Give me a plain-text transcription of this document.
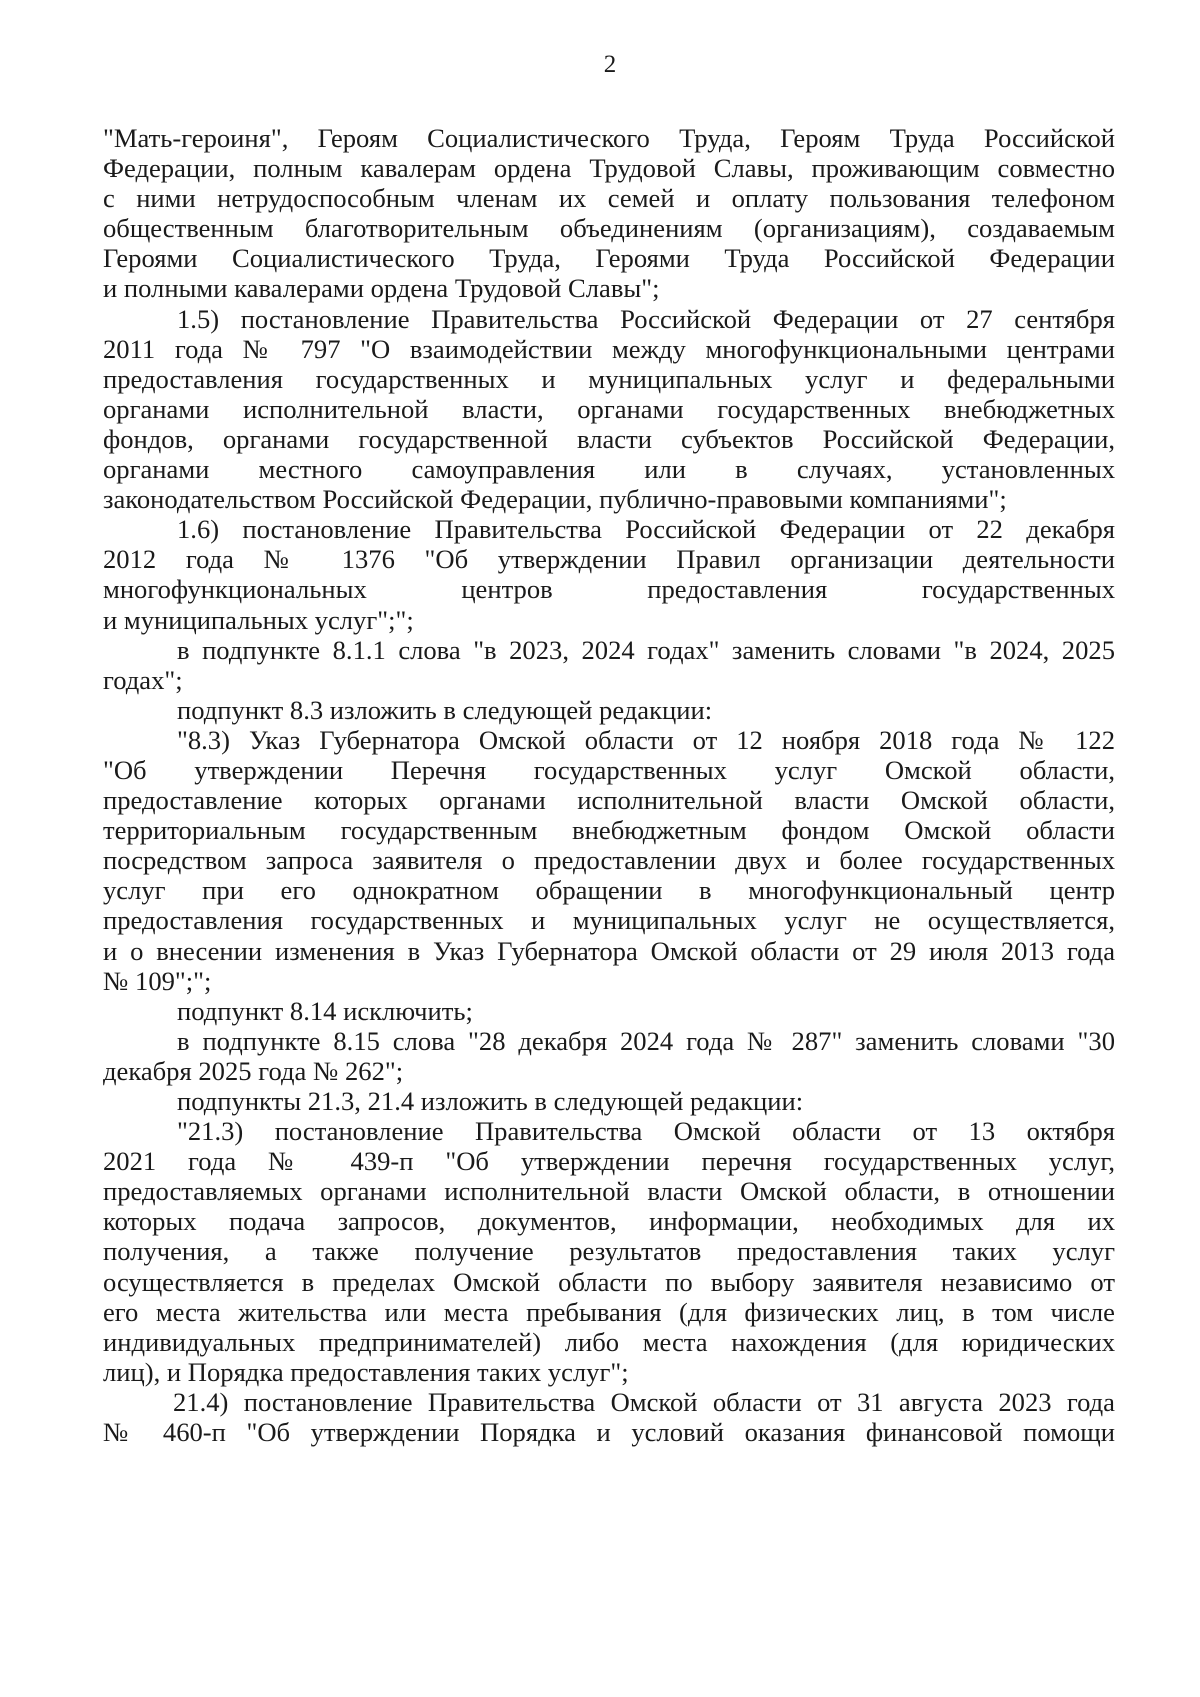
2
"Мать-героиня", Героям Социалистического Труда, Героям Труда Российской
Федерации, полным кавалерам ордена Трудовой Славы, проживающим совместно
с ними нетрудоспособным членам их семей и оплату пользования телефоном
общественным благотворительным объединениям (организациям), создаваемым
Героями Социалистического Труда, Героями Труда Российской Федерации
и полными кавалерами ордена Трудовой Славы";
1.5) постановление Правительства Российской Федерации от 27 сентября
2011 года № 797 "О взаимодействии между многофункциональными центрами
предоставления государственных и муниципальных услуг и федеральными
органами исполнительной власти, органами государственных внебюджетных
фондов, органами государственной власти субъектов Российской Федерации,
органами местного самоуправления или в случаях, установленных
законодательством Российской Федерации, публично-правовыми компаниями";
1.6) постановление Правительства Российской Федерации от 22 декабря
2012 года № 1376 "Об утверждении Правил организации деятельности
многофункциональных центров предоставления государственных
и муниципальных услуг";";
в подпункте 8.1.1 слова "в 2023, 2024 годах" заменить словами "в 2024, 2025
годах";
подпункт 8.3 изложить в следующей редакции:
"8.3) Указ Губернатора Омской области от 12 ноября 2018 года № 122
"Об утверждении Перечня государственных услуг Омской области,
предоставление которых органами исполнительной власти Омской области,
территориальным государственным внебюджетным фондом Омской области
посредством запроса заявителя о предоставлении двух и более государственных
услуг при его однократном обращении в многофункциональный центр
предоставления государственных и муниципальных услуг не осуществляется,
и о внесении изменения в Указ Губернатора Омской области от 29 июля 2013 года
№ 109";";
подпункт 8.14 исключить;
в подпункте 8.15 слова "28 декабря 2024 года № 287" заменить словами "30
декабря 2025 года № 262";
подпункты 21.3, 21.4 изложить в следующей редакции:
"21.3) постановление Правительства Омской области от 13 октября
2021 года № 439-п "Об утверждении перечня государственных услуг,
предоставляемых органами исполнительной власти Омской области, в отношении
которых подача запросов, документов, информации, необходимых для их
получения, а также получение результатов предоставления таких услуг
осуществляется в пределах Омской области по выбору заявителя независимо от
его места жительства или места пребывания (для физических лиц, в том числе
индивидуальных предпринимателей) либо места нахождения (для юридических
лиц), и Порядка предоставления таких услуг";
21.4) постановление Правительства Омской области от 31 августа 2023 года
№ 460-п "Об утверждении Порядка и условий оказания финансовой помощи
